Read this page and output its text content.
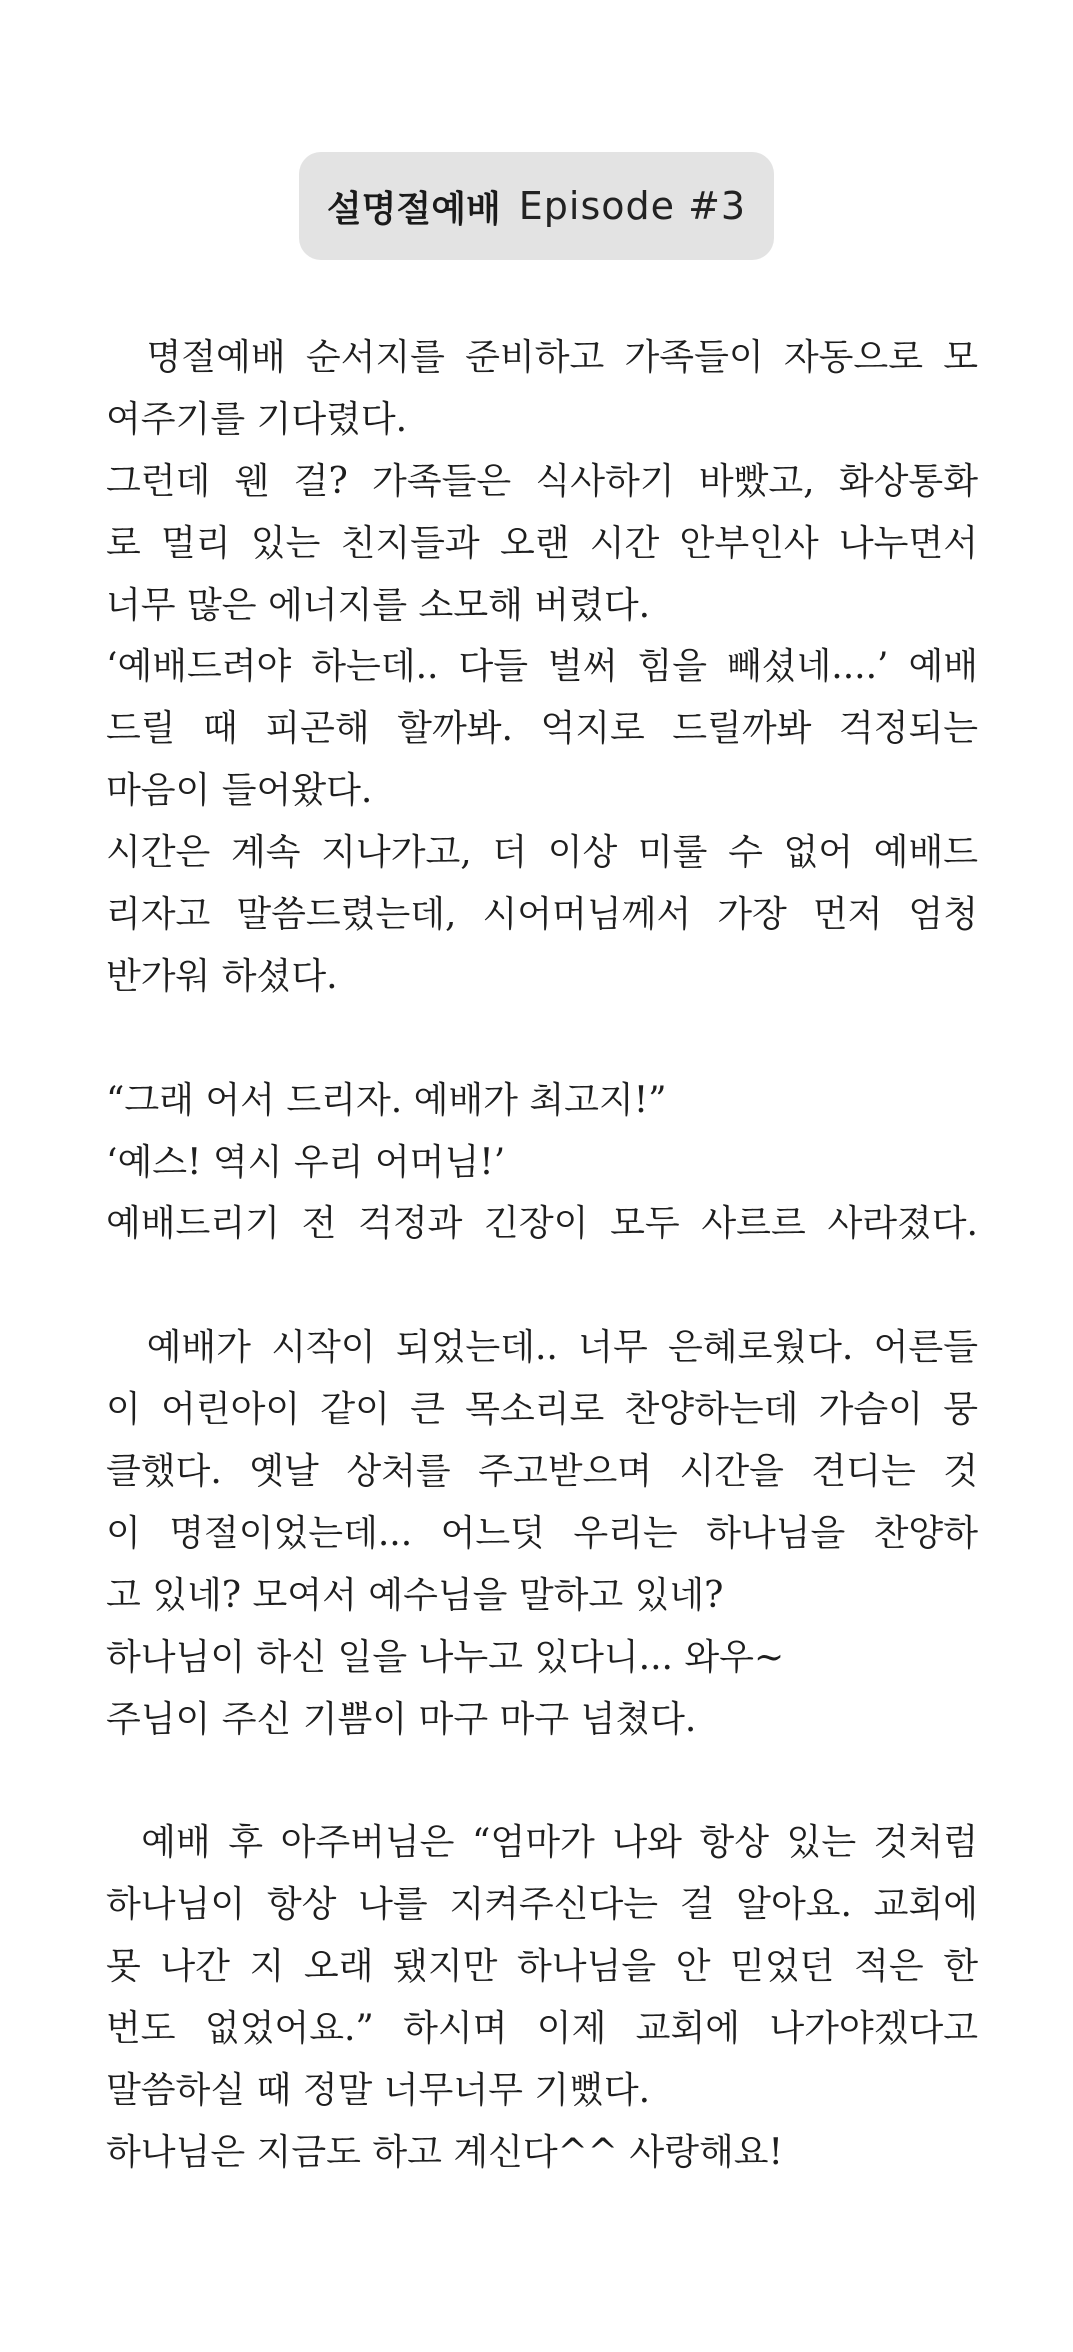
설명절예배 Episode #3
명절예배 순서지를 준비하고 가족들이 자동으로 모
여주기를 기다렸다.
그런데 웬 걸? 가족들은 식사하기 바빴고, 화상통화
로 멀리 있는 친지들과 오랜 시간 안부인사 나누면서
너무 많은 에너지를 소모해 버렸다.
‘예배드려야 하는데.. 다들 벌써 힘을 빼셨네....’ 예배
드릴 때 피곤해 할까봐. 억지로 드릴까봐 걱정되는
마음이 들어왔다.
시간은 계속 지나가고, 더 이상 미룰 수 없어 예배드
리자고 말씀드렸는데, 시어머님께서 가장 먼저 엄청
반가워 하셨다.
“그래 어서 드리자. 예배가 최고지!”
‘예스! 역시 우리 어머님!’
예배드리기 전 걱정과 긴장이 모두 사르르 사라졌다.
예배가 시작이 되었는데.. 너무 은혜로웠다. 어른들
이 어린아이 같이 큰 목소리로 찬양하는데 가슴이 뭉
클했다. 옛날 상처를 주고받으며 시간을 견디는 것
이 명절이었는데... 어느덧 우리는 하나님을 찬양하
고 있네? 모여서 예수님을 말하고 있네?
하나님이 하신 일을 나누고 있다니... 와우~
주님이 주신 기쁨이 마구 마구 넘쳤다.
예배 후 아주버님은 “엄마가 나와 항상 있는 것처럼
하나님이 항상 나를 지켜주신다는 걸 알아요. 교회에
못 나간 지 오래 됐지만 하나님을 안 믿었던 적은 한
번도 없었어요.” 하시며 이제 교회에 나가야겠다고
말씀하실 때 정말 너무너무 기뻤다.
하나님은 지금도 하고 계신다^^ 사랑해요!
